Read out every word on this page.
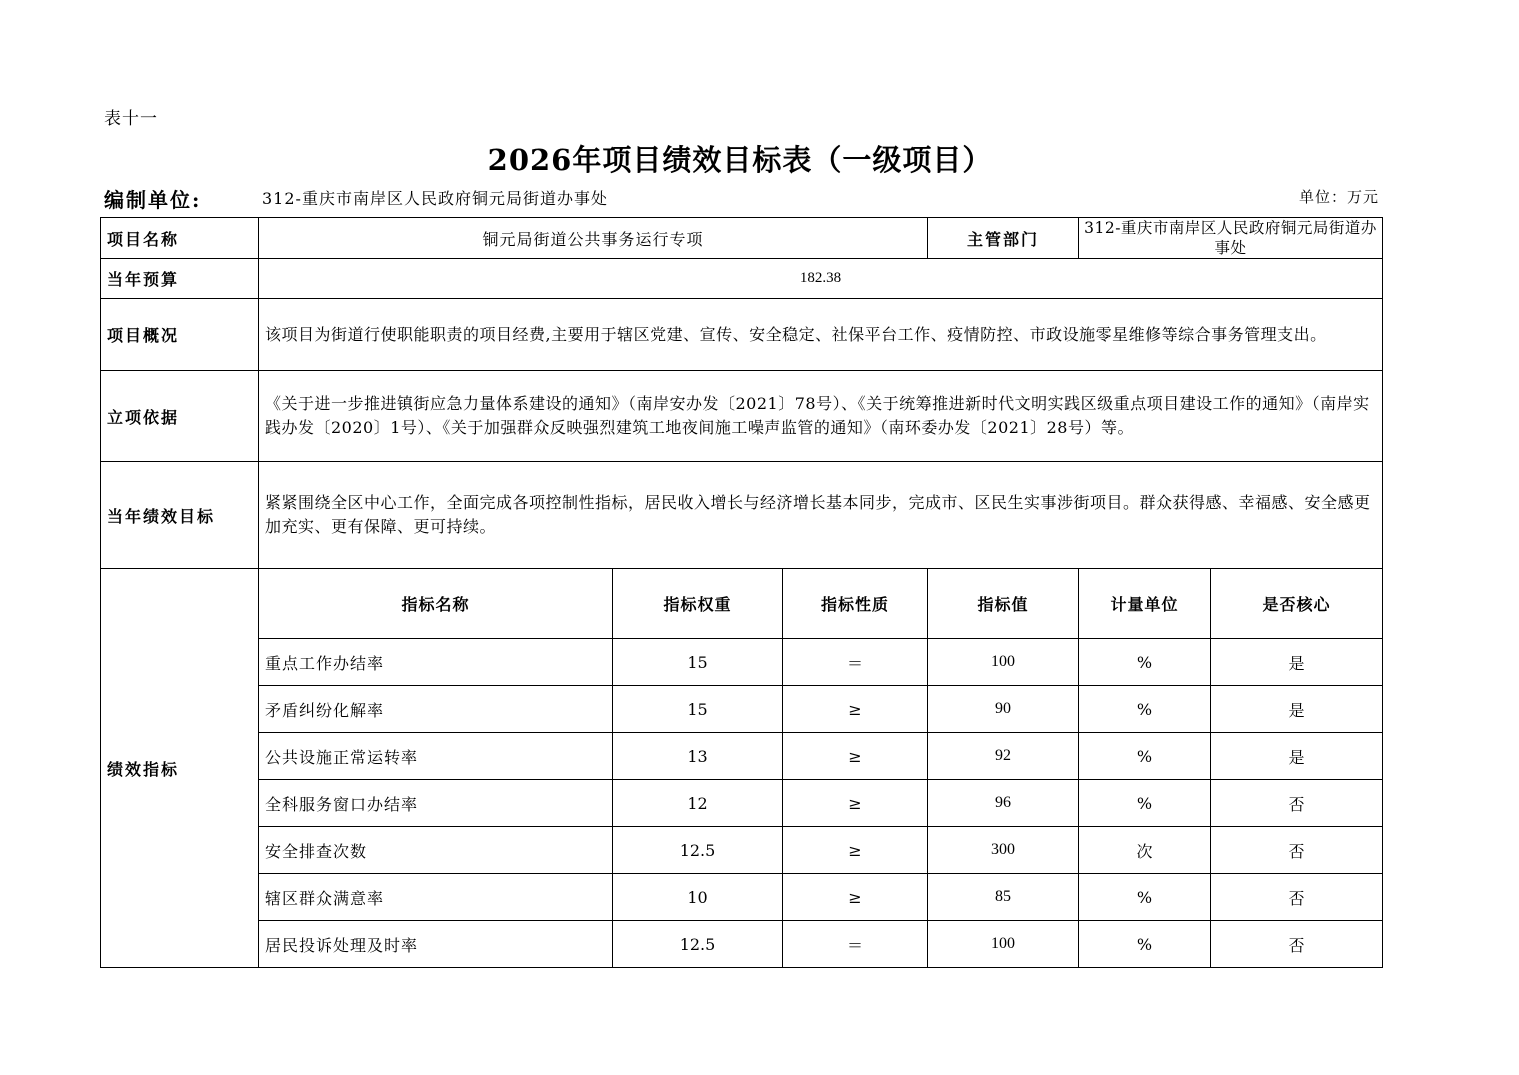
表十一
2026年项目绩效目标表（一级项目）
编制单位:	312-重庆市南岸区人民政府铜元局街道办事处	单位：万元
项目名称	铜元局街道公共事务运行专项			主管部门	312-重庆市南岸区人民政府铜元局街道办事处	
当年预算	182.38					
项目概况	该项目为街道行使职能职责的项目经费,主要用于辖区党建、宣传、安全稳定、社保平台工作、疫情防控、市政设施零星维修等综合事务管理支出。					
立项依据	《关于进一步推进镇街应急力量体系建设的通知》（南岸安办发〔2021〕78号）、《关于统筹推进新时代文明实践区级重点项目建设工作的通知》（南岸实践办发〔2020〕1号）、《关于加强群众反映强烈建筑工地夜间施工噪声监管的通知》（南环委办发〔2021〕28号）等。					
当年绩效目标	紧紧围绕全区中心工作，全面完成各项控制性指标，居民收入增长与经济增长基本同步，完成市、区民生实事涉街项目。群众获得感、幸福感、安全感更加充实、更有保障、更可持续。					
绩效指标	指标名称	指标权重	指标性质	指标值	计量单位	是否核心
	重点工作办结率	15	＝	100	%	是
	矛盾纠纷化解率	15	≥	90	%	是
	公共设施正常运转率	13	≥	92	%	是
	全科服务窗口办结率	12	≥	96	%	否
	安全排查次数	12.5	≥	300	次	否
	辖区群众满意率	10	≥	85	%	否
	居民投诉处理及时率	12.5	＝	100	%	否
